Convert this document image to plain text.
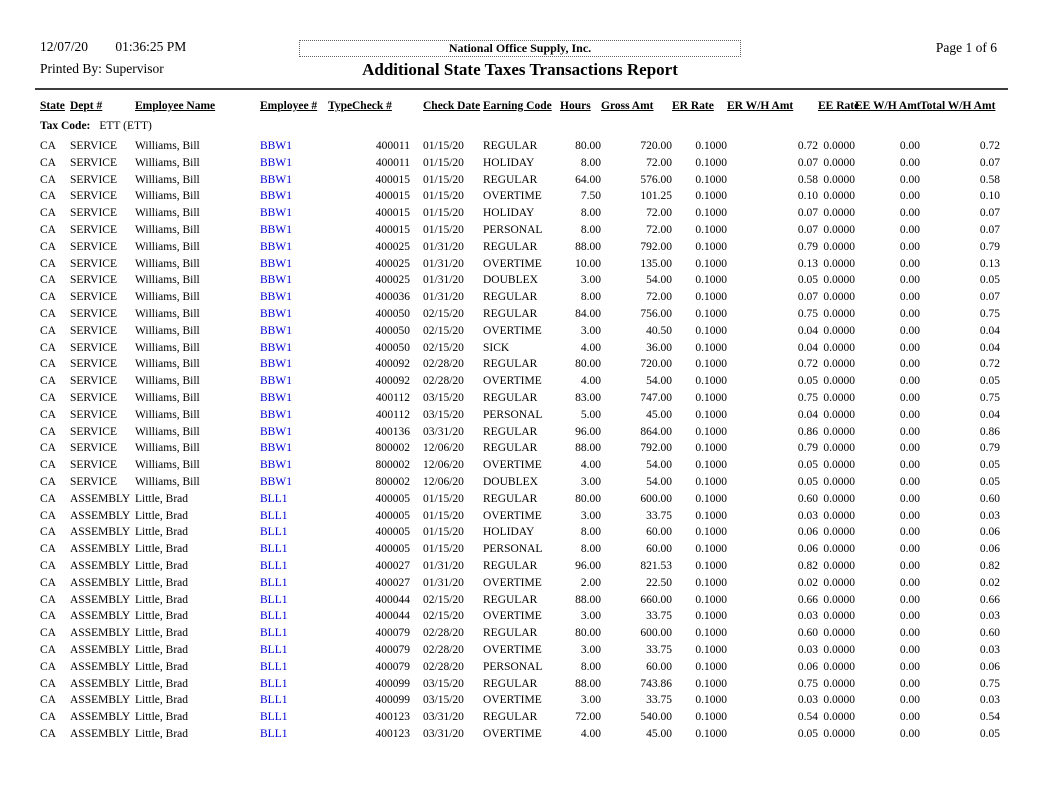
12/07/20 01:36:25 PM
Printed By: Supervisor
National Office Supply, Inc.
Additional State Taxes Transactions Report
Page 1 of 6
State	Dept #	Employee Name	Employee #	Type	Check #	Check Date	Earning Code	Hours	Gross Amt	ER Rate	ER W/H Amt	EE Rate	EE W/H Amt	Total W/H Amt
Tax Code: ETT (ETT)														
CA	SERVICE	Williams, Bill	BBW1		400011	01/15/20	REGULAR	80.00	720.00	0.1000	0.72	0.0000	0.00	0.72
CA	SERVICE	Williams, Bill	BBW1		400011	01/15/20	HOLIDAY	8.00	72.00	0.1000	0.07	0.0000	0.00	0.07
CA	SERVICE	Williams, Bill	BBW1		400015	01/15/20	REGULAR	64.00	576.00	0.1000	0.58	0.0000	0.00	0.58
CA	SERVICE	Williams, Bill	BBW1		400015	01/15/20	OVERTIME	7.50	101.25	0.1000	0.10	0.0000	0.00	0.10
CA	SERVICE	Williams, Bill	BBW1		400015	01/15/20	HOLIDAY	8.00	72.00	0.1000	0.07	0.0000	0.00	0.07
CA	SERVICE	Williams, Bill	BBW1		400015	01/15/20	PERSONAL	8.00	72.00	0.1000	0.07	0.0000	0.00	0.07
CA	SERVICE	Williams, Bill	BBW1		400025	01/31/20	REGULAR	88.00	792.00	0.1000	0.79	0.0000	0.00	0.79
CA	SERVICE	Williams, Bill	BBW1		400025	01/31/20	OVERTIME	10.00	135.00	0.1000	0.13	0.0000	0.00	0.13
CA	SERVICE	Williams, Bill	BBW1		400025	01/31/20	DOUBLEX	3.00	54.00	0.1000	0.05	0.0000	0.00	0.05
CA	SERVICE	Williams, Bill	BBW1		400036	01/31/20	REGULAR	8.00	72.00	0.1000	0.07	0.0000	0.00	0.07
CA	SERVICE	Williams, Bill	BBW1		400050	02/15/20	REGULAR	84.00	756.00	0.1000	0.75	0.0000	0.00	0.75
CA	SERVICE	Williams, Bill	BBW1		400050	02/15/20	OVERTIME	3.00	40.50	0.1000	0.04	0.0000	0.00	0.04
CA	SERVICE	Williams, Bill	BBW1		400050	02/15/20	SICK	4.00	36.00	0.1000	0.04	0.0000	0.00	0.04
CA	SERVICE	Williams, Bill	BBW1		400092	02/28/20	REGULAR	80.00	720.00	0.1000	0.72	0.0000	0.00	0.72
CA	SERVICE	Williams, Bill	BBW1		400092	02/28/20	OVERTIME	4.00	54.00	0.1000	0.05	0.0000	0.00	0.05
CA	SERVICE	Williams, Bill	BBW1		400112	03/15/20	REGULAR	83.00	747.00	0.1000	0.75	0.0000	0.00	0.75
CA	SERVICE	Williams, Bill	BBW1		400112	03/15/20	PERSONAL	5.00	45.00	0.1000	0.04	0.0000	0.00	0.04
CA	SERVICE	Williams, Bill	BBW1		400136	03/31/20	REGULAR	96.00	864.00	0.1000	0.86	0.0000	0.00	0.86
CA	SERVICE	Williams, Bill	BBW1		800002	12/06/20	REGULAR	88.00	792.00	0.1000	0.79	0.0000	0.00	0.79
CA	SERVICE	Williams, Bill	BBW1		800002	12/06/20	OVERTIME	4.00	54.00	0.1000	0.05	0.0000	0.00	0.05
CA	SERVICE	Williams, Bill	BBW1		800002	12/06/20	DOUBLEX	3.00	54.00	0.1000	0.05	0.0000	0.00	0.05
CA	ASSEMBLY	Little, Brad	BLL1		400005	01/15/20	REGULAR	80.00	600.00	0.1000	0.60	0.0000	0.00	0.60
CA	ASSEMBLY	Little, Brad	BLL1		400005	01/15/20	OVERTIME	3.00	33.75	0.1000	0.03	0.0000	0.00	0.03
CA	ASSEMBLY	Little, Brad	BLL1		400005	01/15/20	HOLIDAY	8.00	60.00	0.1000	0.06	0.0000	0.00	0.06
CA	ASSEMBLY	Little, Brad	BLL1		400005	01/15/20	PERSONAL	8.00	60.00	0.1000	0.06	0.0000	0.00	0.06
CA	ASSEMBLY	Little, Brad	BLL1		400027	01/31/20	REGULAR	96.00	821.53	0.1000	0.82	0.0000	0.00	0.82
CA	ASSEMBLY	Little, Brad	BLL1		400027	01/31/20	OVERTIME	2.00	22.50	0.1000	0.02	0.0000	0.00	0.02
CA	ASSEMBLY	Little, Brad	BLL1		400044	02/15/20	REGULAR	88.00	660.00	0.1000	0.66	0.0000	0.00	0.66
CA	ASSEMBLY	Little, Brad	BLL1		400044	02/15/20	OVERTIME	3.00	33.75	0.1000	0.03	0.0000	0.00	0.03
CA	ASSEMBLY	Little, Brad	BLL1		400079	02/28/20	REGULAR	80.00	600.00	0.1000	0.60	0.0000	0.00	0.60
CA	ASSEMBLY	Little, Brad	BLL1		400079	02/28/20	OVERTIME	3.00	33.75	0.1000	0.03	0.0000	0.00	0.03
CA	ASSEMBLY	Little, Brad	BLL1		400079	02/28/20	PERSONAL	8.00	60.00	0.1000	0.06	0.0000	0.00	0.06
CA	ASSEMBLY	Little, Brad	BLL1		400099	03/15/20	REGULAR	88.00	743.86	0.1000	0.75	0.0000	0.00	0.75
CA	ASSEMBLY	Little, Brad	BLL1		400099	03/15/20	OVERTIME	3.00	33.75	0.1000	0.03	0.0000	0.00	0.03
CA	ASSEMBLY	Little, Brad	BLL1		400123	03/31/20	REGULAR	72.00	540.00	0.1000	0.54	0.0000	0.00	0.54
CA	ASSEMBLY	Little, Brad	BLL1		400123	03/31/20	OVERTIME	4.00	45.00	0.1000	0.05	0.0000	0.00	0.05
